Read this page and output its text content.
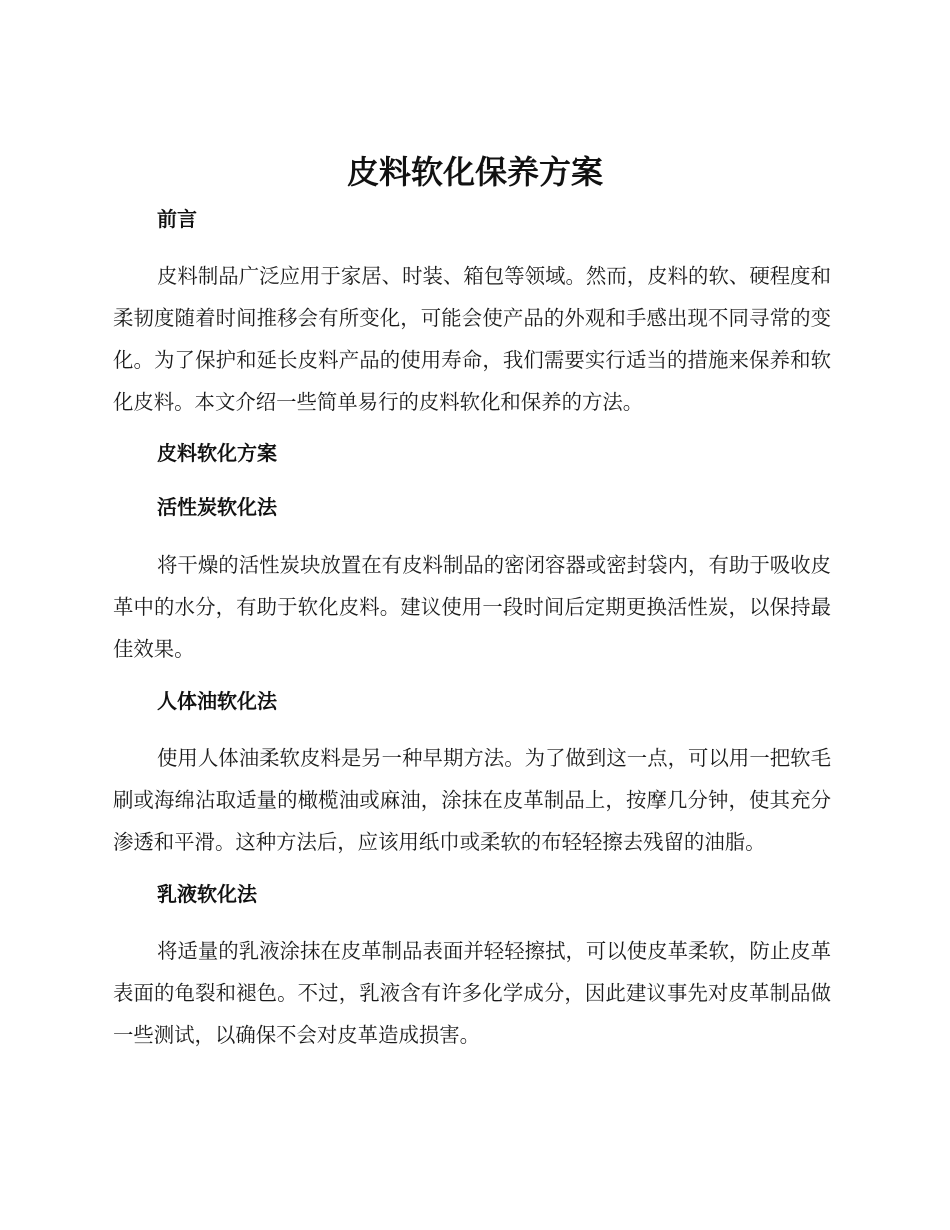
皮料软化保养方案
前言

皮料制品广泛应用于家居、时装、箱包等领域。然而，皮料的软、硬程度和柔韧度随着时间推移会有所变化，可能会使产品的外观和手感出现不同寻常的变化。为了保护和延长皮料产品的使用寿命，我们需要实行适当的措施来保养和软化皮料。本文介绍一些简单易行的皮料软化和保养的方法。

皮料软化方案
活性炭软化法

将干燥的活性炭块放置在有皮料制品的密闭容器或密封袋内，有助于吸收皮革中的水分，有助于软化皮料。建议使用一段时间后定期更换活性炭，以保持最佳效果。

人体油软化法

使用人体油柔软皮料是另一种早期方法。为了做到这一点，可以用一把软毛刷或海绵沾取适量的橄榄油或麻油，涂抹在皮革制品上，按摩几分钟，使其充分渗透和平滑。这种方法后，应该用纸巾或柔软的布轻轻擦去残留的油脂。

乳液软化法

将适量的乳液涂抹在皮革制品表面并轻轻擦拭，可以使皮革柔软，防止皮革表面的龟裂和褪色。不过，乳液含有许多化学成分，因此建议事先对皮革制品做一些测试，以确保不会对皮革造成损害。
